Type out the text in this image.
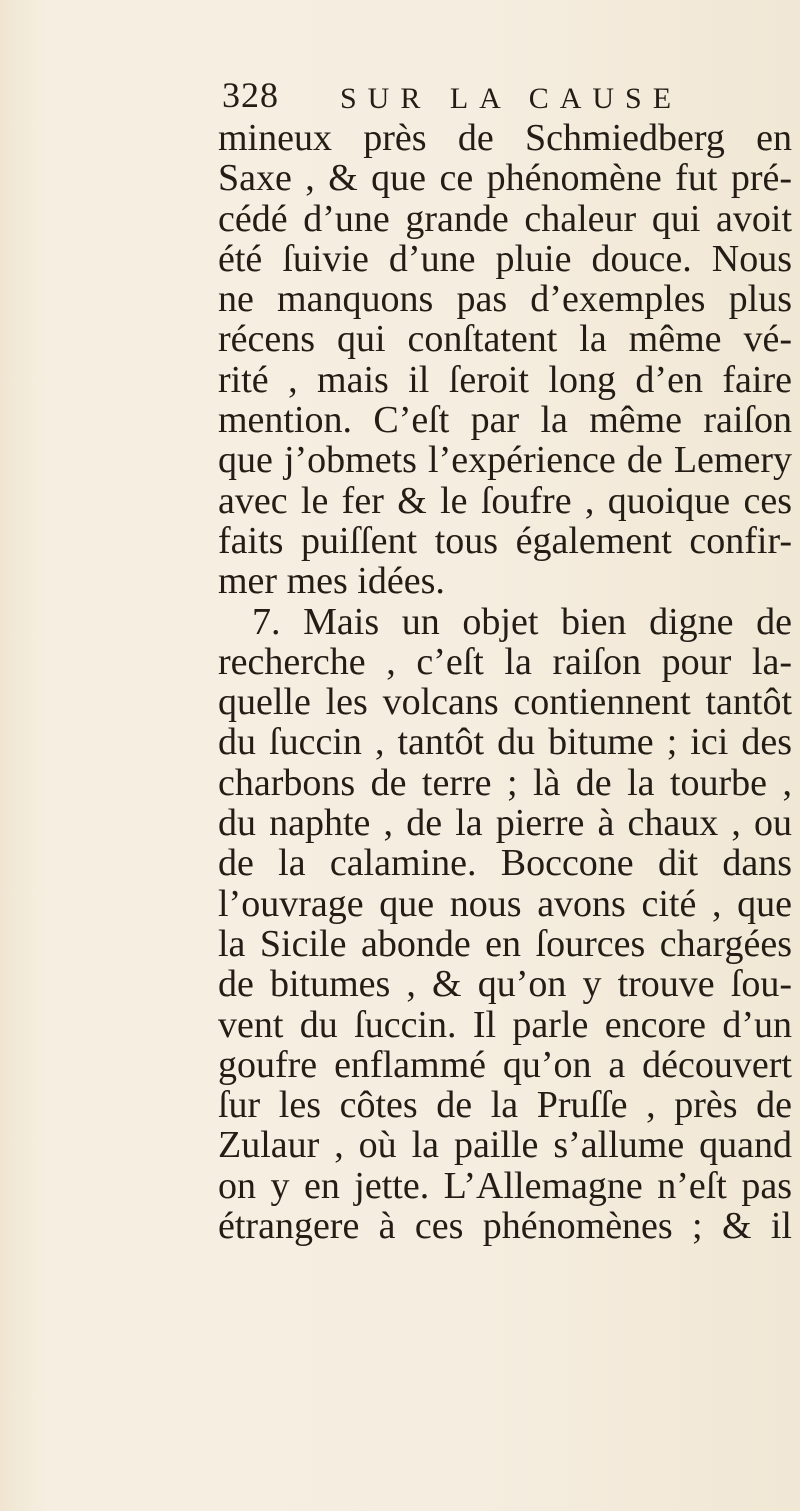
328 SUR LA CAUSE
mineux près de Schmiedberg en
Saxe , & que ce phénomène fut pré-
cédé d’une grande chaleur qui avoit
été ſuivie d’une pluie douce. Nous
ne manquons pas d’exemples plus
récens qui conſtatent la même vé-
rité , mais il ſeroit long d’en faire
mention. C’eſt par la même raiſon
que j’obmets l’expérience de Lemery
avec le fer & le ſoufre , quoique ces
faits puiſſent tous également confir-
mer mes idées.
7. Mais un objet bien digne de
recherche , c’eſt la raiſon pour la-
quelle les volcans contiennent tantôt
du ſuccin , tantôt du bitume ; ici des
charbons de terre ; là de la tourbe ,
du naphte , de la pierre à chaux , ou
de la calamine. Boccone dit dans
l’ouvrage que nous avons cité , que
la Sicile abonde en ſources chargées
de bitumes , & qu’on y trouve ſou-
vent du ſuccin. Il parle encore d’un
goufre enflammé qu’on a découvert
ſur les côtes de la Pruſſe , près de
Zulaur , où la paille s’allume quand
on y en jette. L’Allemagne n’eſt pas
étrangere à ces phénomènes ; & il
